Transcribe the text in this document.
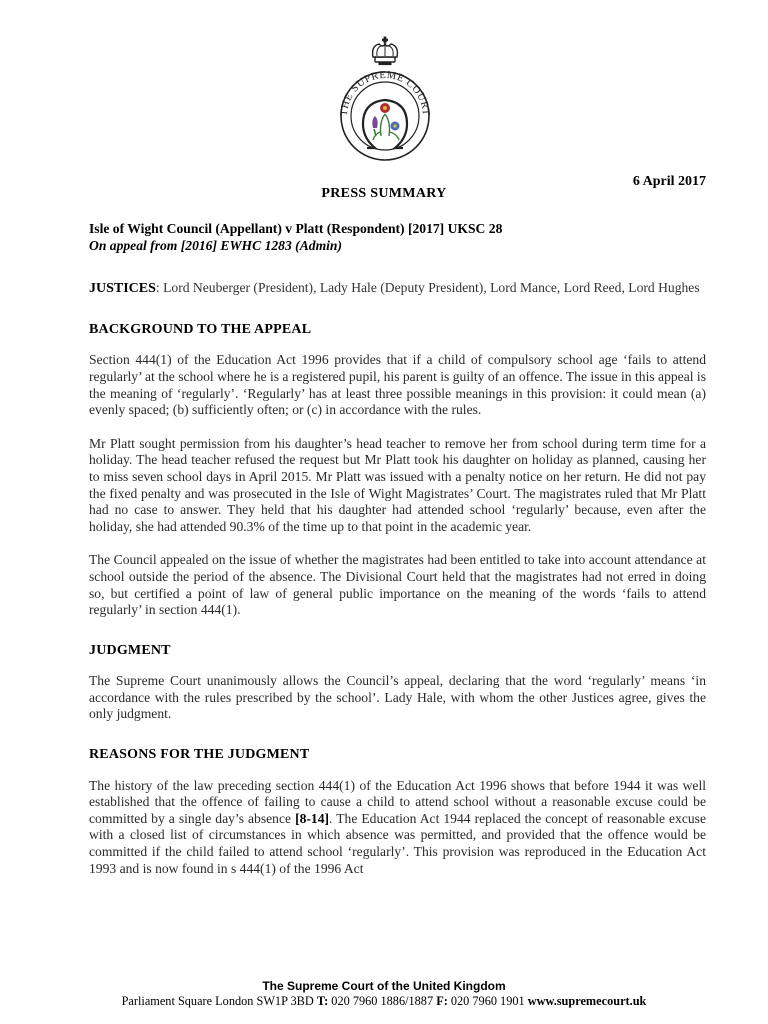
THE SUPREME COURT
6 April 2017
PRESS SUMMARY
Isle of Wight Council (Appellant) v Platt (Respondent) [2017] UKSC 28
On appeal from [2016] EWHC 1283 (Admin)
JUSTICES: Lord Neuberger (President), Lady Hale (Deputy President), Lord Mance, Lord Reed, Lord Hughes
BACKGROUND TO THE APPEAL

Section 444(1) of the Education Act 1996 provides that if a child of compulsory school age ‘fails to attend regularly’ at the school where he is a registered pupil, his parent is guilty of an offence. The issue in this appeal is the meaning of ‘regularly’. ‘Regularly’ has at least three possible meanings in this provision: it could mean (a) evenly spaced; (b) sufficiently often; or (c) in accordance with the rules.

Mr Platt sought permission from his daughter’s head teacher to remove her from school during term time for a holiday. The head teacher refused the request but Mr Platt took his daughter on holiday as planned, causing her to miss seven school days in April 2015. Mr Platt was issued with a penalty notice on her return. He did not pay the fixed penalty and was prosecuted in the Isle of Wight Magistrates’ Court. The magistrates ruled that Mr Platt had no case to answer. They held that his daughter had attended school ‘regularly’ because, even after the holiday, she had attended 90.3% of the time up to that point in the academic year.

The Council appealed on the issue of whether the magistrates had been entitled to take into account attendance at school outside the period of the absence. The Divisional Court held that the magistrates had not erred in doing so, but certified a point of law of general public importance on the meaning of the words ‘fails to attend regularly’ in section 444(1).

JUDGMENT

The Supreme Court unanimously allows the Council’s appeal, declaring that the word ‘regularly’ means ‘in accordance with the rules prescribed by the school’. Lady Hale, with whom the other Justices agree, gives the only judgment.

REASONS FOR THE JUDGMENT

The history of the law preceding section 444(1) of the Education Act 1996 shows that before 1944 it was well established that the offence of failing to cause a child to attend school without a reasonable excuse could be committed by a single day’s absence [8-14]. The Education Act 1944 replaced the concept of reasonable excuse with a closed list of circumstances in which absence was permitted, and provided that the offence would be committed if the child failed to attend school ‘regularly’. This provision was reproduced in the Education Act 1993 and is now found in s 444(1) of the 1996 Act

The Supreme Court of the United Kingdom
Parliament Square London SW1P 3BD T: 020 7960 1886/1887 F: 020 7960 1901 www.supremecourt.uk
